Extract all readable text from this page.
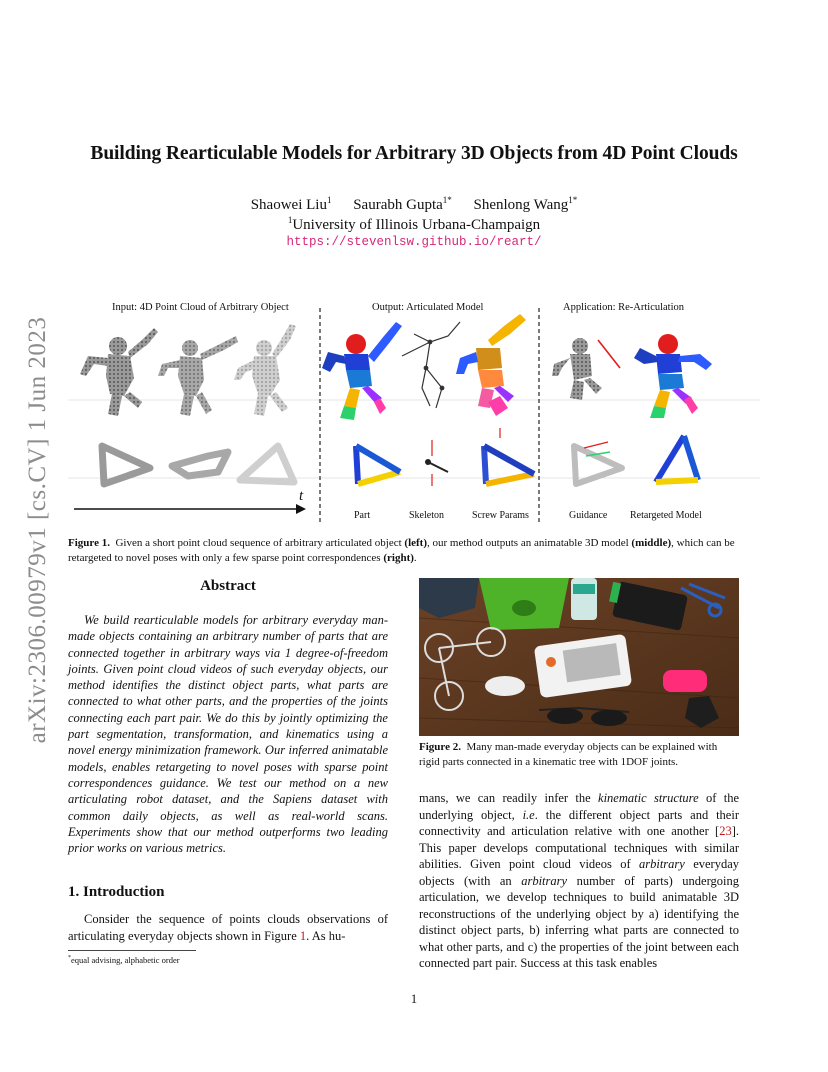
arXiv:2306.00979v1 [cs.CV] 1 Jun 2023
Building Rearticulable Models for Arbitrary 3D Objects from 4D Point Clouds
Shaowei Liu$^1$ Saurabh Gupta$^{1*}$ Shenlong Wang$^{1*}$
$^1$University of Illinois Urbana-Champaign
https://stevenlsw.github.io/reart/
Input: 4D Point Cloud of Arbitrary Object	Output: Articulated Model	Application: Re-Articulation
t
Part	Skeleton	Screw Params	Guidance Retargeted Model
Figure 1. Given a short point cloud sequence of arbitrary articulated object (left), our method outputs an animatable 3D model (middle), which can be retargeted to novel poses with only a few sparse point correspondences (right).
Abstract
We build rearticulable models for arbitrary everyday man-made objects containing an arbitrary number of parts that are connected together in arbitrary ways via 1 degree-of-freedom joints. Given point cloud videos of such everyday objects, our method identifies the distinct object parts, what parts are connected to what other parts, and the properties of the joints connecting each part pair. We do this by jointly optimizing the part segmentation, transformation, and kinematics using a novel energy minimization framework. Our inferred animatable models, enables retargeting to novel poses with sparse point correspondences guidance. We test our method on a new articulating robot dataset, and the Sapiens dataset with common daily objects, as well as real-world scans. Experiments show that our method outperforms two leading prior works on various metrics.
1. Introduction
Consider the sequence of points clouds observations of articulating everyday objects shown in Figure 1. As hu-
*equal advising, alphabetic order
Figure 2. Many man-made everyday objects can be explained with rigid parts connected in a kinematic tree with 1DOF joints.
mans, we can readily infer the kinematic structure of the underlying object, i.e. the different object parts and their connectivity and articulation relative with one another [23]. This paper develops computational techniques with similar abilities. Given point cloud videos of arbitrary everyday objects (with an arbitrary number of parts) undergoing articulation, we develop techniques to build animatable 3D reconstructions of the underlying object by a) identifying the distinct object parts, b) inferring what parts are connected to what other parts, and c) the properties of the joint between each connected part pair. Success at this task enables
1
